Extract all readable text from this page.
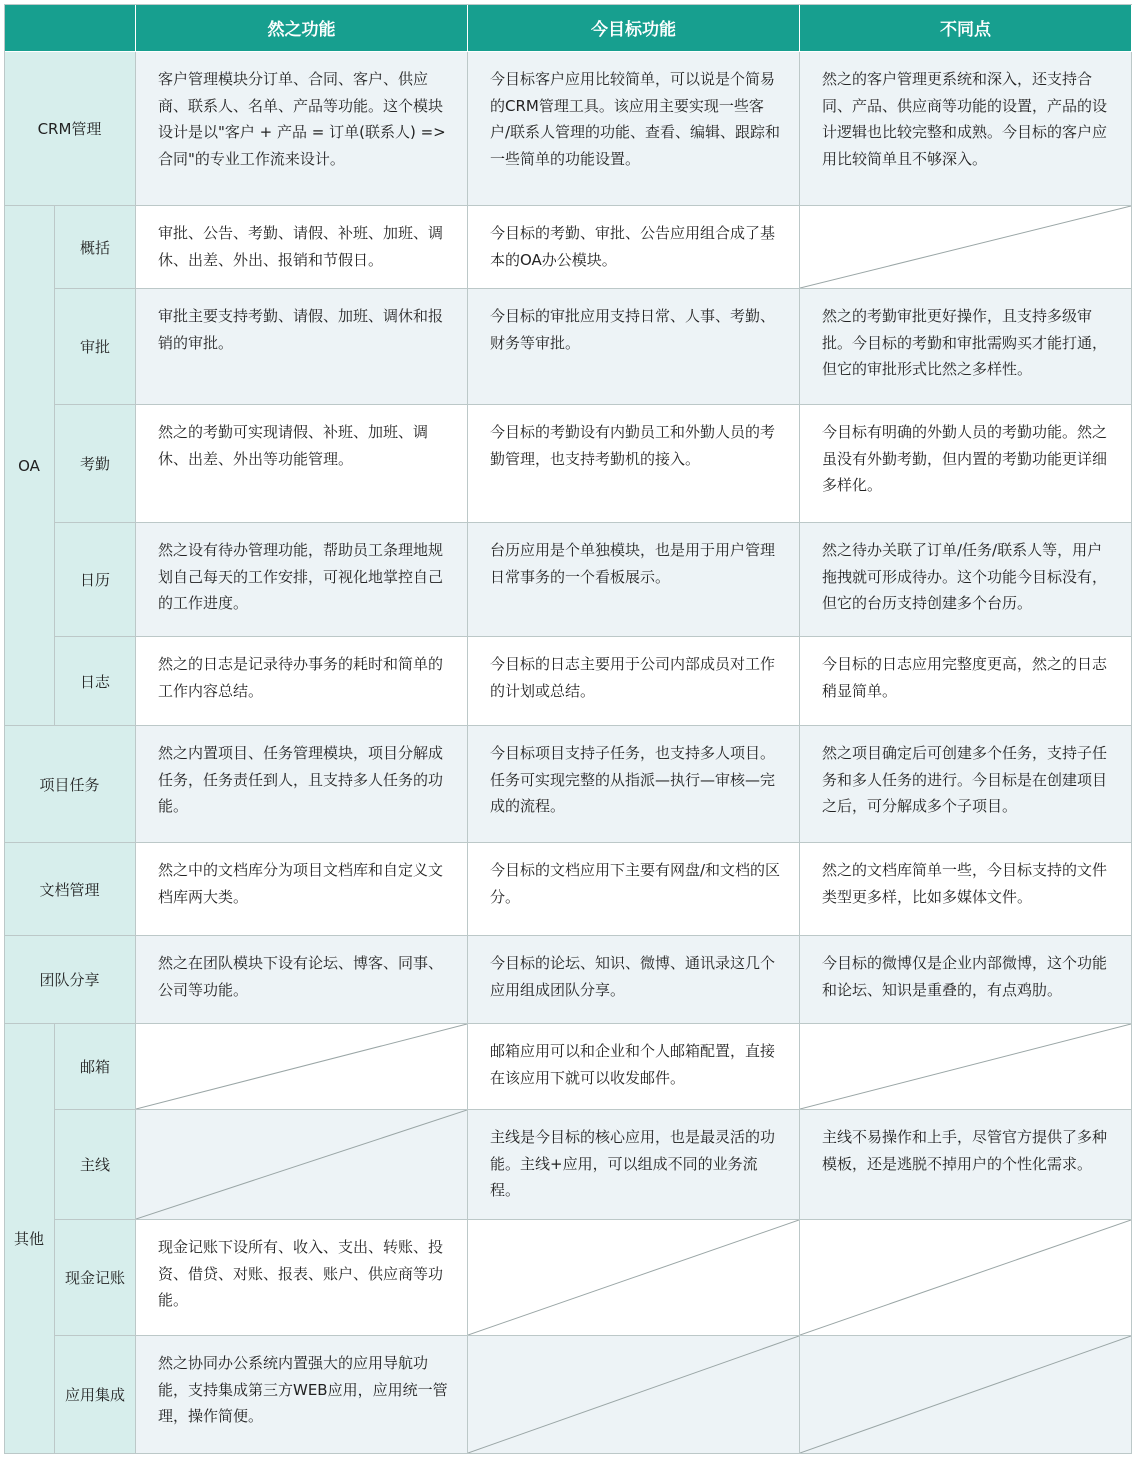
然之功能	今目标功能	不同点
CRM管理
客户管理模块分订单、合同、客户、供应商、联系人、名单、产品等功能。这个模块设计是以"客户 + 产品 = 订单(联系人) => 合同"的专业工作流来设计。
今目标客户应用比较简单，可以说是个简易的CRM管理工具。该应用主要实现一些客户/联系人管理的功能、查看、编辑、跟踪和一些简单的功能设置。
然之的客户管理更系统和深入，还支持合同、产品、供应商等功能的设置，产品的设计逻辑也比较完整和成熟。今目标的客户应用比较简单且不够深入。
OA
概括
审批、公告、考勤、请假、补班、加班、调休、出差、外出、报销和节假日。
今目标的考勤、审批、公告应用组合成了基本的OA办公模块。
审批
审批主要支持考勤、请假、加班、调休和报销的审批。
今目标的审批应用支持日常、人事、考勤、财务等审批。
然之的考勤审批更好操作，且支持多级审批。今目标的考勤和审批需购买才能打通，但它的审批形式比然之多样性。
考勤
然之的考勤可实现请假、补班、加班、调休、出差、外出等功能管理。
今目标的考勤设有内勤员工和外勤人员的考勤管理，也支持考勤机的接入。
今目标有明确的外勤人员的考勤功能。然之虽没有外勤考勤，但内置的考勤功能更详细多样化。
日历
然之设有待办管理功能，帮助员工条理地规划自己每天的工作安排，可视化地掌控自己的工作进度。
台历应用是个单独模块，也是用于用户管理日常事务的一个看板展示。
然之待办关联了订单/任务/联系人等，用户拖拽就可形成待办。这个功能今目标没有，但它的台历支持创建多个台历。
日志
然之的日志是记录待办事务的耗时和简单的工作内容总结。
今目标的日志主要用于公司内部成员对工作的计划或总结。
今目标的日志应用完整度更高，然之的日志稍显简单。
项目任务
然之内置项目、任务管理模块，项目分解成任务，任务责任到人，且支持多人任务的功能。
今目标项目支持子任务，也支持多人项目。任务可实现完整的从指派—执行—审核—完成的流程。
然之项目确定后可创建多个任务，支持子任务和多人任务的进行。今目标是在创建项目之后，可分解成多个子项目。
文档管理
然之中的文档库分为项目文档库和自定义文档库两大类。
今目标的文档应用下主要有网盘/和文档的区分。
然之的文档库简单一些，今目标支持的文件类型更多样，比如多媒体文件。
团队分享
然之在团队模块下设有论坛、博客、同事、公司等功能。
今目标的论坛、知识、微博、通讯录这几个应用组成团队分享。
今目标的微博仅是企业内部微博，这个功能和论坛、知识是重叠的，有点鸡肋。
其他
邮箱
邮箱应用可以和企业和个人邮箱配置，直接在该应用下就可以收发邮件。
主线
主线是今目标的核心应用，也是最灵活的功能。主线+应用，可以组成不同的业务流程。
主线不易操作和上手，尽管官方提供了多种模板，还是逃脱不掉用户的个性化需求。
现金记账
现金记账下设所有、收入、支出、转账、投资、借贷、对账、报表、账户、供应商等功能。
应用集成
然之协同办公系统内置强大的应用导航功能，支持集成第三方WEB应用，应用统一管理，操作简便。
